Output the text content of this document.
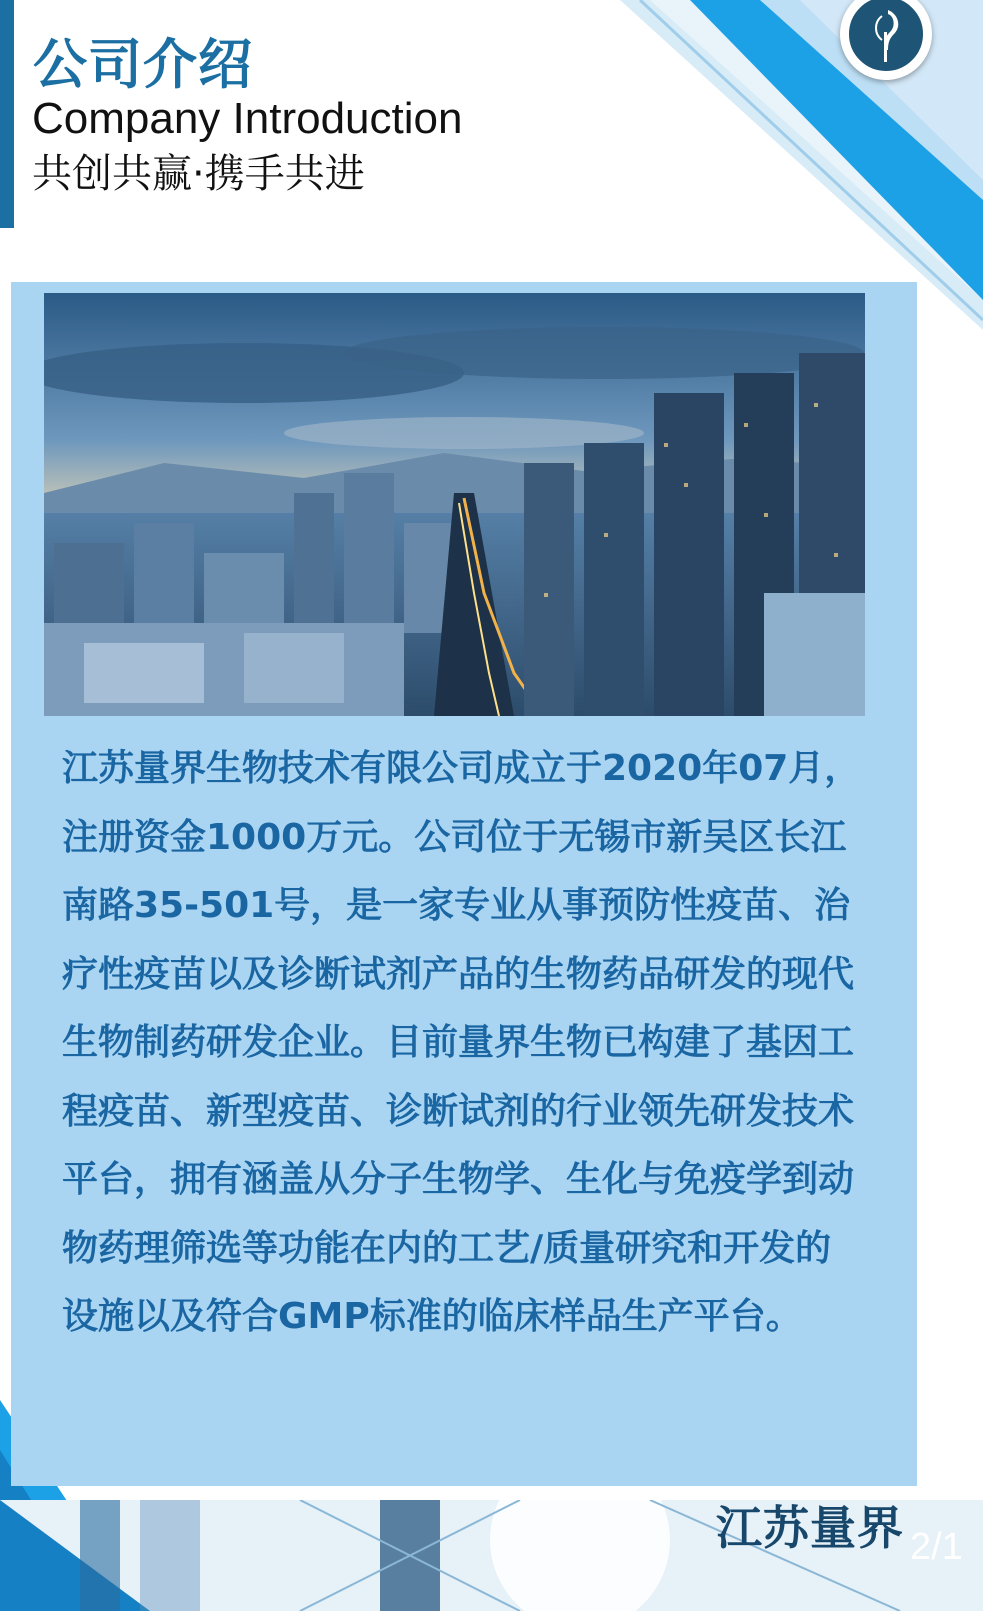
公司介绍

Company Introduction

共创共赢·携手共进

江苏量界生物技术有限公司成立于2020年07月，注册资金1000万元。公司位于无锡市新吴区长江南路35-501号，是一家专业从事预防性疫苗、治疗性疫苗以及诊断试剂产品的生物药品研发的现代生物制药研发企业。目前量界生物已构建了基因工程疫苗、新型疫苗、诊断试剂的行业领先研发技术平台，拥有涵盖从分子生物学、生化与免疫学到动物药理筛选等功能在内的工艺/质量研究和开发的设施以及符合GMP标准的临床样品生产平台。

江苏量界 2/1
